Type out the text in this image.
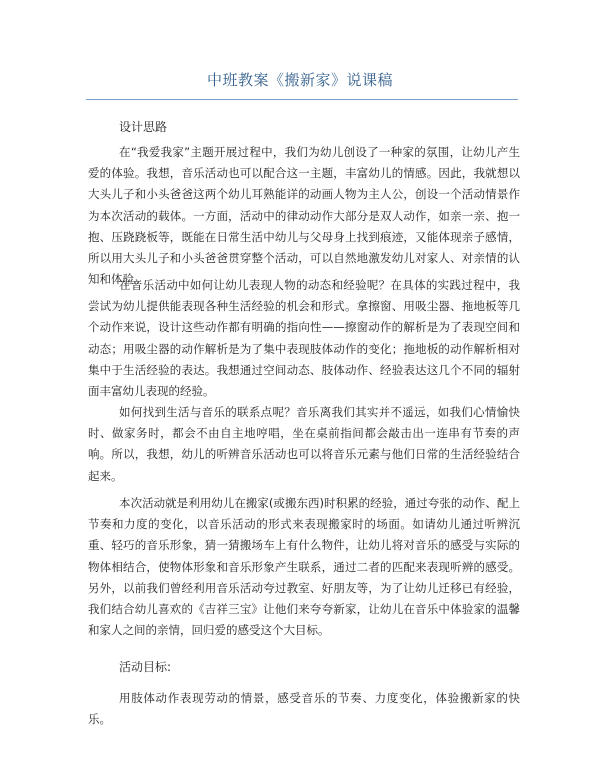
中班教案《搬新家》说课稿
设计思路
在“我爱我家”主题开展过程中，我们为幼儿创设了一种家的氛围，让幼儿产生爱的体验。我想，音乐活动也可以配合这一主题，丰富幼儿的情感。因此，我就想以大头儿子和小头爸爸这两个幼儿耳熟能详的动画人物为主人公，创设一个活动情景作为本次活动的载体。一方面，活动中的律动动作大部分是双人动作，如亲一亲、抱一抱、压跷跷板等，既能在日常生活中幼儿与父母身上找到痕迹，又能体现亲子感情，所以用大头儿子和小头爸爸贯穿整个活动，可以自然地激发幼儿对家人、对亲情的认知和体验。
在音乐活动中如何让幼儿表现人物的动态和经验呢？在具体的实践过程中，我尝试为幼儿提供能表现各种生活经验的机会和形式。拿擦窗、用吸尘器、拖地板等几个动作来说，设计这些动作都有明确的指向性——擦窗动作的解析是为了表现空间和动态；用吸尘器的动作解析是为了集中表现肢体动作的变化；拖地板的动作解析相对集中于生活经验的表达。我想通过空间动态、肢体动作、经验表达这几个不同的辐射面丰富幼儿表现的经验。
如何找到生活与音乐的联系点呢？音乐离我们其实并不遥远，如我们心情愉快时、做家务时，都会不由自主地哼唱，坐在桌前指间都会敲击出一连串有节奏的声响。所以，我想，幼儿的听辨音乐活动也可以将音乐元素与他们日常的生活经验结合起来。
本次活动就是利用幼儿在搬家(或搬东西)时积累的经验，通过夸张的动作、配上节奏和力度的变化，以音乐活动的形式来表现搬家时的场面。如请幼儿通过听辨沉重、轻巧的音乐形象，猜一猜搬场车上有什么物件，让幼儿将对音乐的感受与实际的物体相结合，使物体形象和音乐形象产生联系，通过二者的匹配来表现听辨的感受。另外，以前我们曾经利用音乐活动夸过教室、好朋友等，为了让幼儿迁移已有经验，我们结合幼儿喜欢的《吉祥三宝》让他们来夸夸新家，让幼儿在音乐中体验家的温馨和家人之间的亲情，回归爱的感受这个大目标。
活动目标:
用肢体动作表现劳动的情景，感受音乐的节奏、力度变化，体验搬新家的快乐。
